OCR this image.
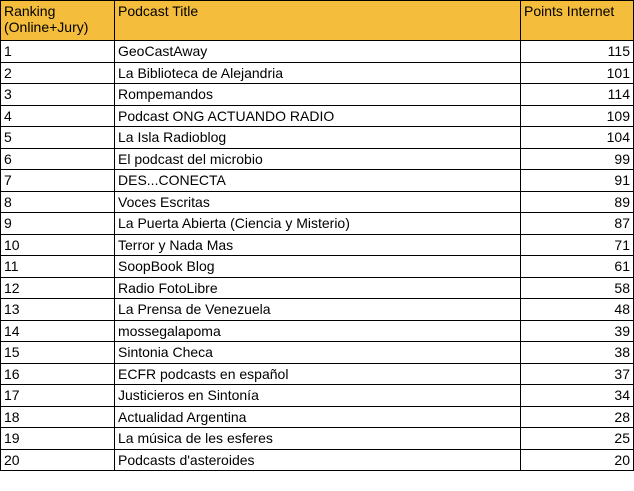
Ranking (Online+Jury)	Podcast Title	Points Internet
1	GeoCastAway	115
2	La Biblioteca de Alejandria	101
3	Rompemandos	114
4	Podcast ONG ACTUANDO RADIO	109
5	La Isla Radioblog	104
6	El podcast del microbio	99
7	DES...CONECTA	91
8	Voces Escritas	89
9	La Puerta Abierta (Ciencia y Misterio)	87
10	Terror y Nada Mas	71
11	SoopBook Blog	61
12	Radio FotoLibre	58
13	La Prensa de Venezuela	48
14	mossegalapoma	39
15	Sintonia Checa	38
16	ECFR podcasts en español	37
17	Justicieros en Sintonía	34
18	Actualidad Argentina	28
19	La música de les esferes	25
20	Podcasts d'asteroides	20
